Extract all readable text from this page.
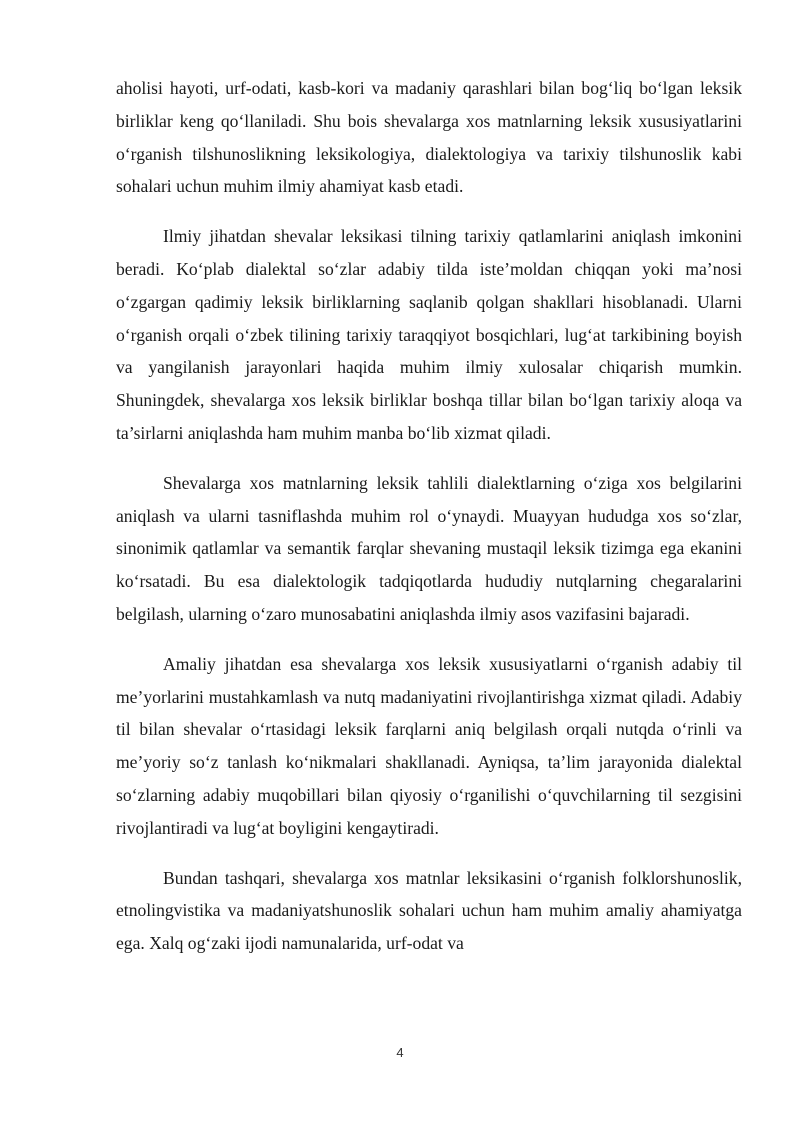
aholisi hayoti, urf-odati, kasb-kori va madaniy qarashlari bilan bog‘liq bo‘lgan leksik birliklar keng qo‘llaniladi. Shu bois shevalarga xos matnlarning leksik xususiyatlarini o‘rganish tilshunoslikning leksikologiya, dialektologiya va tarixiy tilshunoslik kabi sohalari uchun muhim ilmiy ahamiyat kasb etadi.

Ilmiy jihatdan shevalar leksikasi tilning tarixiy qatlamlarini aniqlash imkonini beradi. Ko‘plab dialektal so‘zlar adabiy tilda iste’moldan chiqqan yoki ma’nosi o‘zgargan qadimiy leksik birliklarning saqlanib qolgan shakllari hisoblanadi. Ularni o‘rganish orqali o‘zbek tilining tarixiy taraqqiyot bosqichlari, lug‘at tarkibining boyish va yangilanish jarayonlari haqida muhim ilmiy xulosalar chiqarish mumkin. Shuningdek, shevalarga xos leksik birliklar boshqa tillar bilan bo‘lgan tarixiy aloqa va ta’sirlarni aniqlashda ham muhim manba bo‘lib xizmat qiladi.

Shevalarga xos matnlarning leksik tahlili dialektlarning o‘ziga xos belgilarini aniqlash va ularni tasniflashda muhim rol o‘ynaydi. Muayyan hududga xos so‘zlar, sinonimik qatlamlar va semantik farqlar shevaning mustaqil leksik tizimga ega ekanini ko‘rsatadi. Bu esa dialektologik tadqiqotlarda hududiy nutqlarning chegaralarini belgilash, ularning o‘zaro munosabatini aniqlashda ilmiy asos vazifasini bajaradi.

Amaliy jihatdan esa shevalarga xos leksik xususiyatlarni o‘rganish adabiy til me’yorlarini mustahkamlash va nutq madaniyatini rivojlantirishga xizmat qiladi. Adabiy til bilan shevalar o‘rtasidagi leksik farqlarni aniq belgilash orqali nutqda o‘rinli va me’yoriy so‘z tanlash ko‘nikmalari shakllanadi. Ayniqsa, ta’lim jarayonida dialektal so‘zlarning adabiy muqobillari bilan qiyosiy o‘rganilishi o‘quvchilarning til sezgisini rivojlantiradi va lug‘at boyligini kengaytiradi.

Bundan tashqari, shevalarga xos matnlar leksikasini o‘rganish folklorshunoslik, etnolingvistika va madaniyatshunoslik sohalari uchun ham muhim amaliy ahamiyatga ega. Xalq og‘zaki ijodi namunalarida, urf-odat va

4
